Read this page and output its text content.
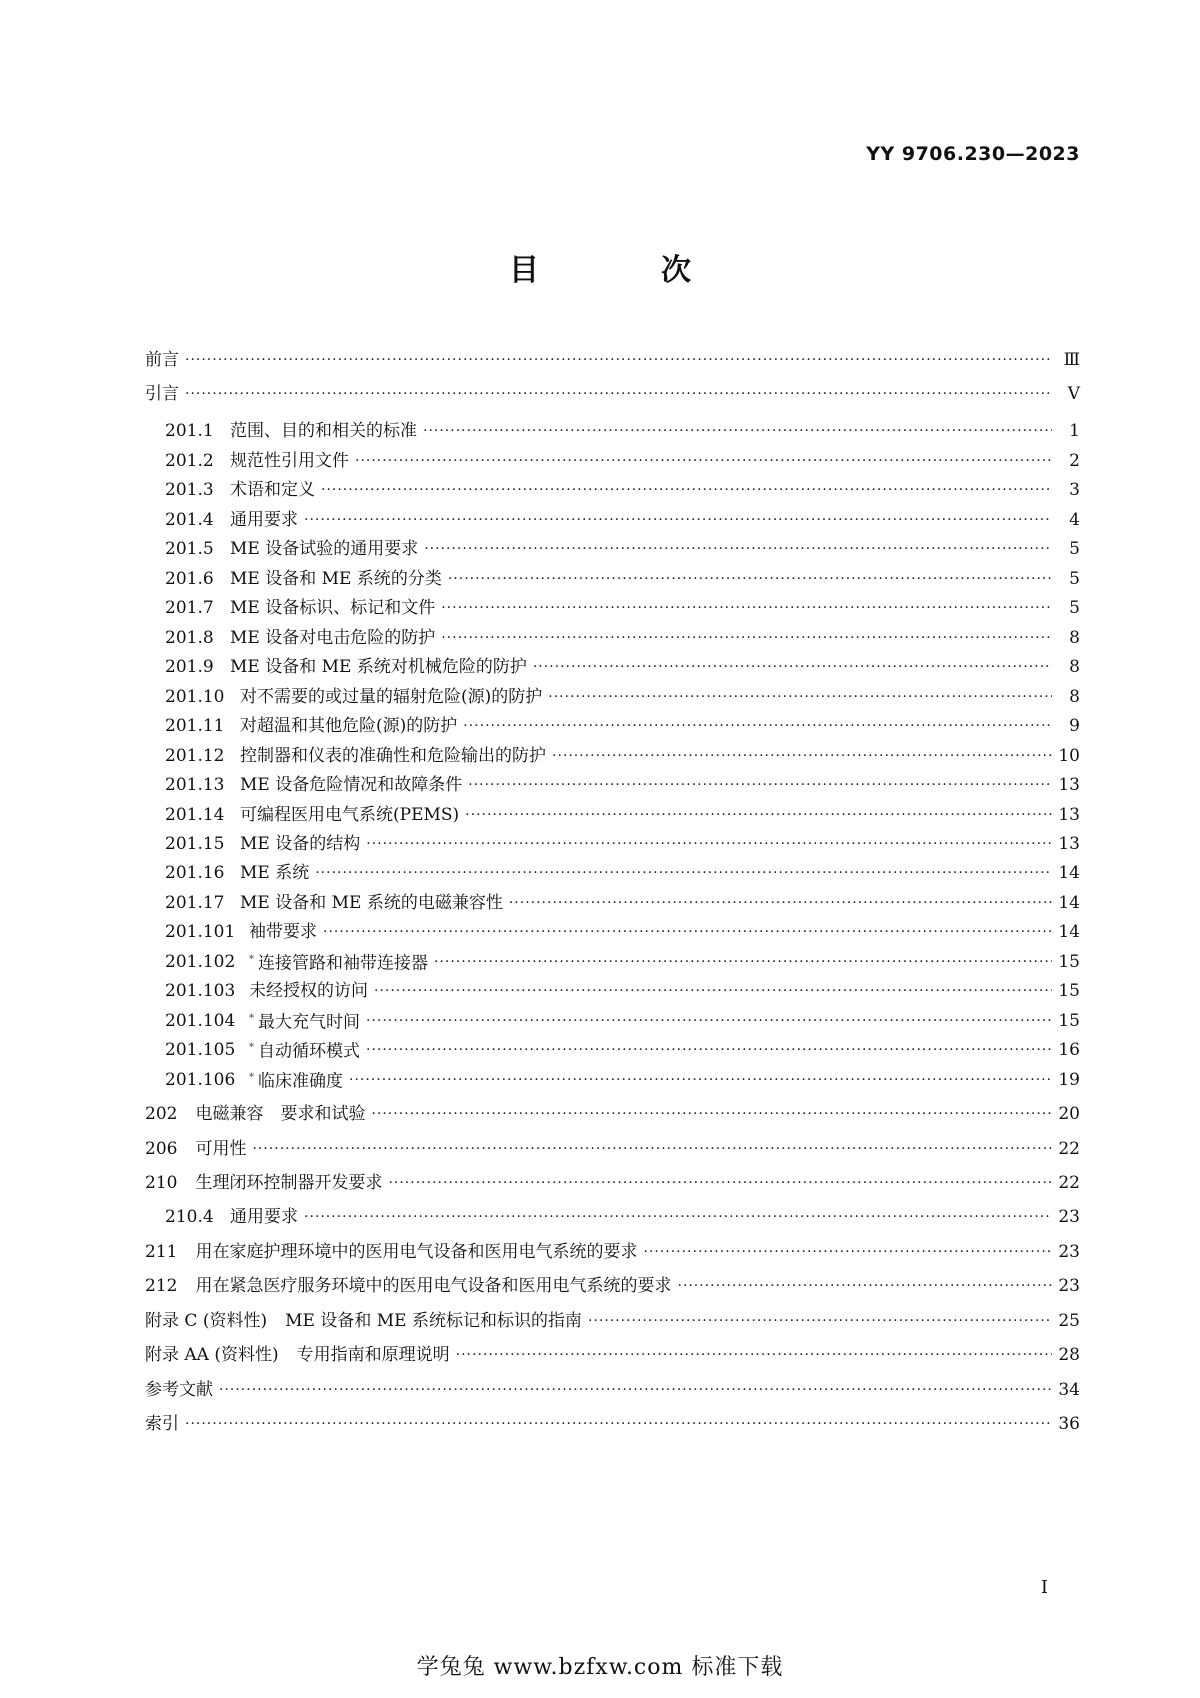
YY 9706.230—2023
目　次
前言 ·····	Ⅲ
引言 ·····	Ⅴ
201.1 范围、目的和相关的标准 ·····	1
201.2 规范性引用文件 ·····	2
201.3 术语和定义 ·····	3
201.4 通用要求 ·····	4
201.5 ME 设备试验的通用要求 ·····	5
201.6 ME 设备和 ME 系统的分类 ·····	5
201.7 ME 设备标识、标记和文件 ·····	5
201.8 ME 设备对电击危险的防护 ·····	8
201.9 ME 设备和 ME 系统对机械危险的防护 ·····	8
201.10 对不需要的或过量的辐射危险(源)的防护 ·····	8
201.11 对超温和其他危险(源)的防护 ·····	9
201.12 控制器和仪表的准确性和危险输出的防护 ·····	10
201.13 ME 设备危险情况和故障条件 ·····	13
201.14 可编程医用电气系统(PEMS) ·····	13
201.15 ME 设备的结构 ·····	13
201.16 ME 系统 ·····	14
201.17 ME 设备和 ME 系统的电磁兼容性 ·····	14
201.101 袖带要求 ·····	14
201.102	* 连接管路和袖带连接器 ·····	15
201.103 未经授权的访问 ·····	15
201.104	* 最大充气时间 ·····	15
201.105	* 自动循环模式 ·····	16
201.106	* 临床准确度 ·····	19
202 电磁兼容　要求和试验 ·····	20
206 可用性 ·····	22
210 生理闭环控制器开发要求 ·····	22
210.4 通用要求 ·····	23
211 用在家庭护理环境中的医用电气设备和医用电气系统的要求 ·····	23
212 用在紧急医疗服务环境中的医用电气设备和医用电气系统的要求 ·····	23
附录 C (资料性) ME 设备和 ME 系统标记和标识的指南 ·····	25
附录 AA (资料性) 专用指南和原理说明 ·····	28
参考文献 ·····	34
索引 ·····	36
Ⅰ
学兔兔 www.bzfxw.com 标准下载
